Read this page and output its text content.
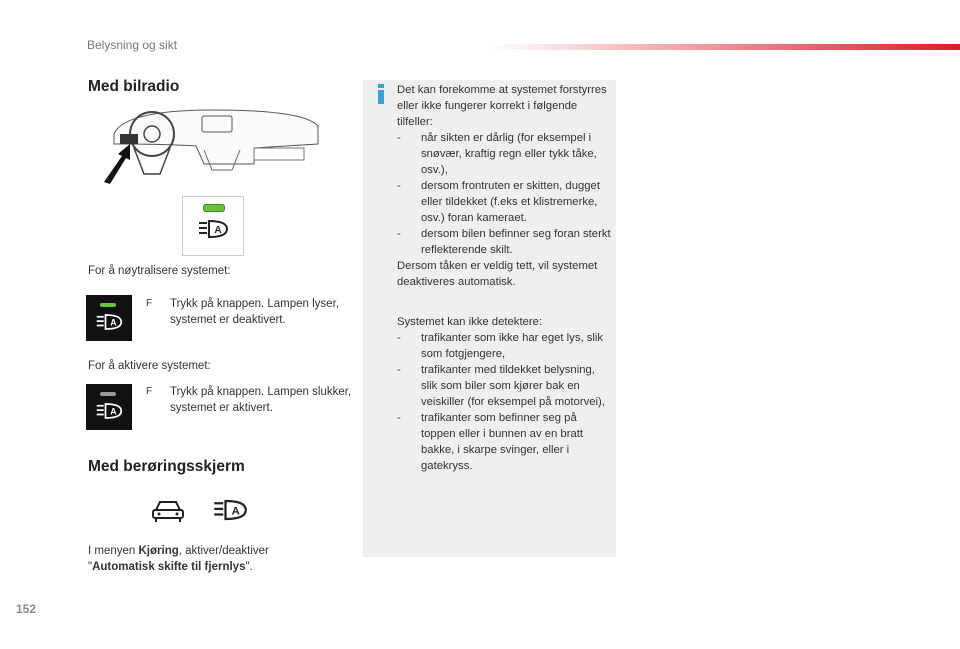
Belysning og sikt
Med bilradio
A
For å nøytralisere systemet:
A
F Trykk på knappen. Lampen lyser, systemet er deaktivert.
For å aktivere systemet:
A
F Trykk på knappen. Lampen slukker, systemet er aktivert.
Med berøringsskjerm
A
I menyen Kjøring, aktiver/deaktiver
"Automatisk skifte til fjernlys".
Det kan forekomme at systemet forstyrres eller ikke fungerer korrekt i følgende tilfeller:
- når sikten er dårlig (for eksempel i snøvær, kraftig regn eller tykk tåke, osv.),
- dersom frontruten er skitten, dugget eller tildekket (f.eks et klistremerke, osv.) foran kameraet.
- dersom bilen befinner seg foran sterkt reflekterende skilt.
Dersom tåken er veldig tett, vil systemet deaktiveres automatisk.
Systemet kan ikke detektere:
- trafikanter som ikke har eget lys, slik som fotgjengere,
- trafikanter med tildekket belysning, slik som biler som kjører bak en veiskiller (for eksempel på motorvei),
- trafikanter som befinner seg på toppen eller i bunnen av en bratt bakke, i skarpe svinger, eller i gatekryss.
152
